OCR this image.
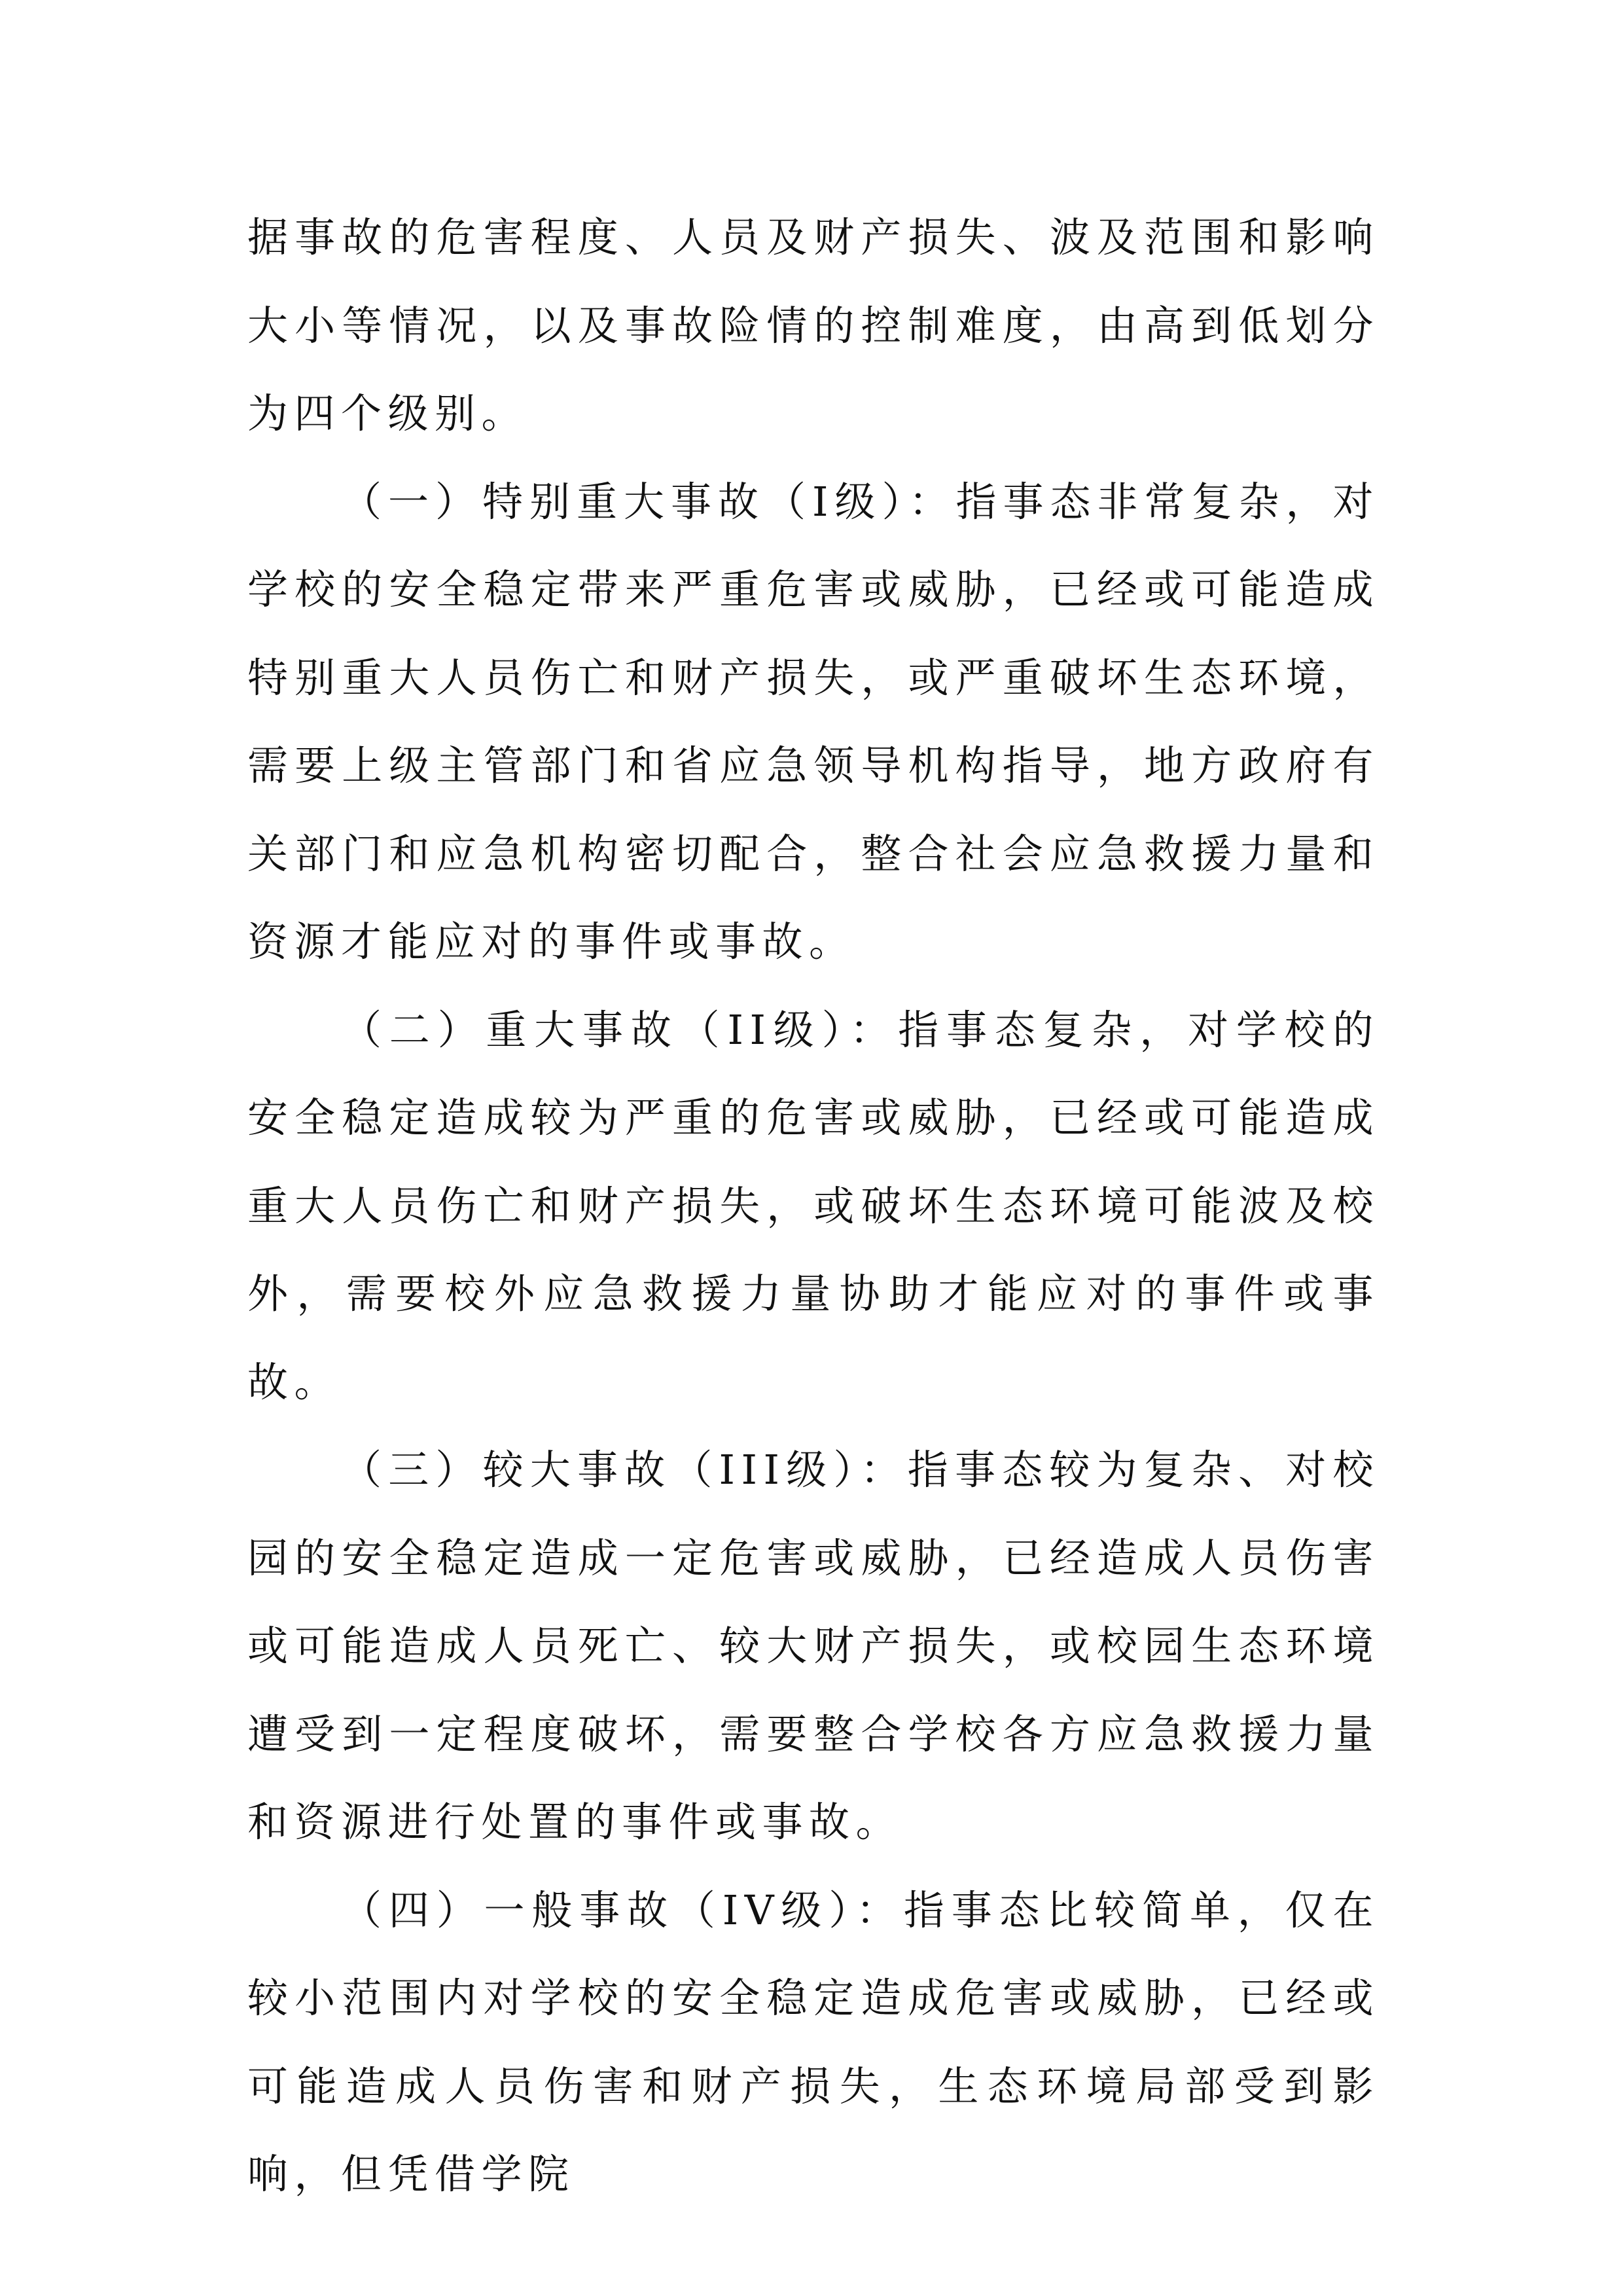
据事故的危害程度、人员及财产损失、波及范围和影响大小等情况，以及事故险情的控制难度，由高到低划分为四个级别。

（一）特别重大事故（I级）：指事态非常复杂，对学校的安全稳定带来严重危害或威胁，已经或可能造成特别重大人员伤亡和财产损失，或严重破坏生态环境，需要上级主管部门和省应急领导机构指导，地方政府有关部门和应急机构密切配合，整合社会应急救援力量和资源才能应对的事件或事故。

（二）重大事故（II级）：指事态复杂，对学校的安全稳定造成较为严重的危害或威胁，已经或可能造成重大人员伤亡和财产损失，或破坏生态环境可能波及校外，需要校外应急救援力量协助才能应对的事件或事故。

（三）较大事故（III级）：指事态较为复杂、对校园的安全稳定造成一定危害或威胁，已经造成人员伤害或可能造成人员死亡、较大财产损失，或校园生态环境遭受到一定程度破坏，需要整合学校各方应急救援力量和资源进行处置的事件或事故。

（四）一般事故（IV级）：指事态比较简单，仅在较小范围内对学校的安全稳定造成危害或威胁，已经或可能造成人员伤害和财产损失，生态环境局部受到影响，但凭借学院
